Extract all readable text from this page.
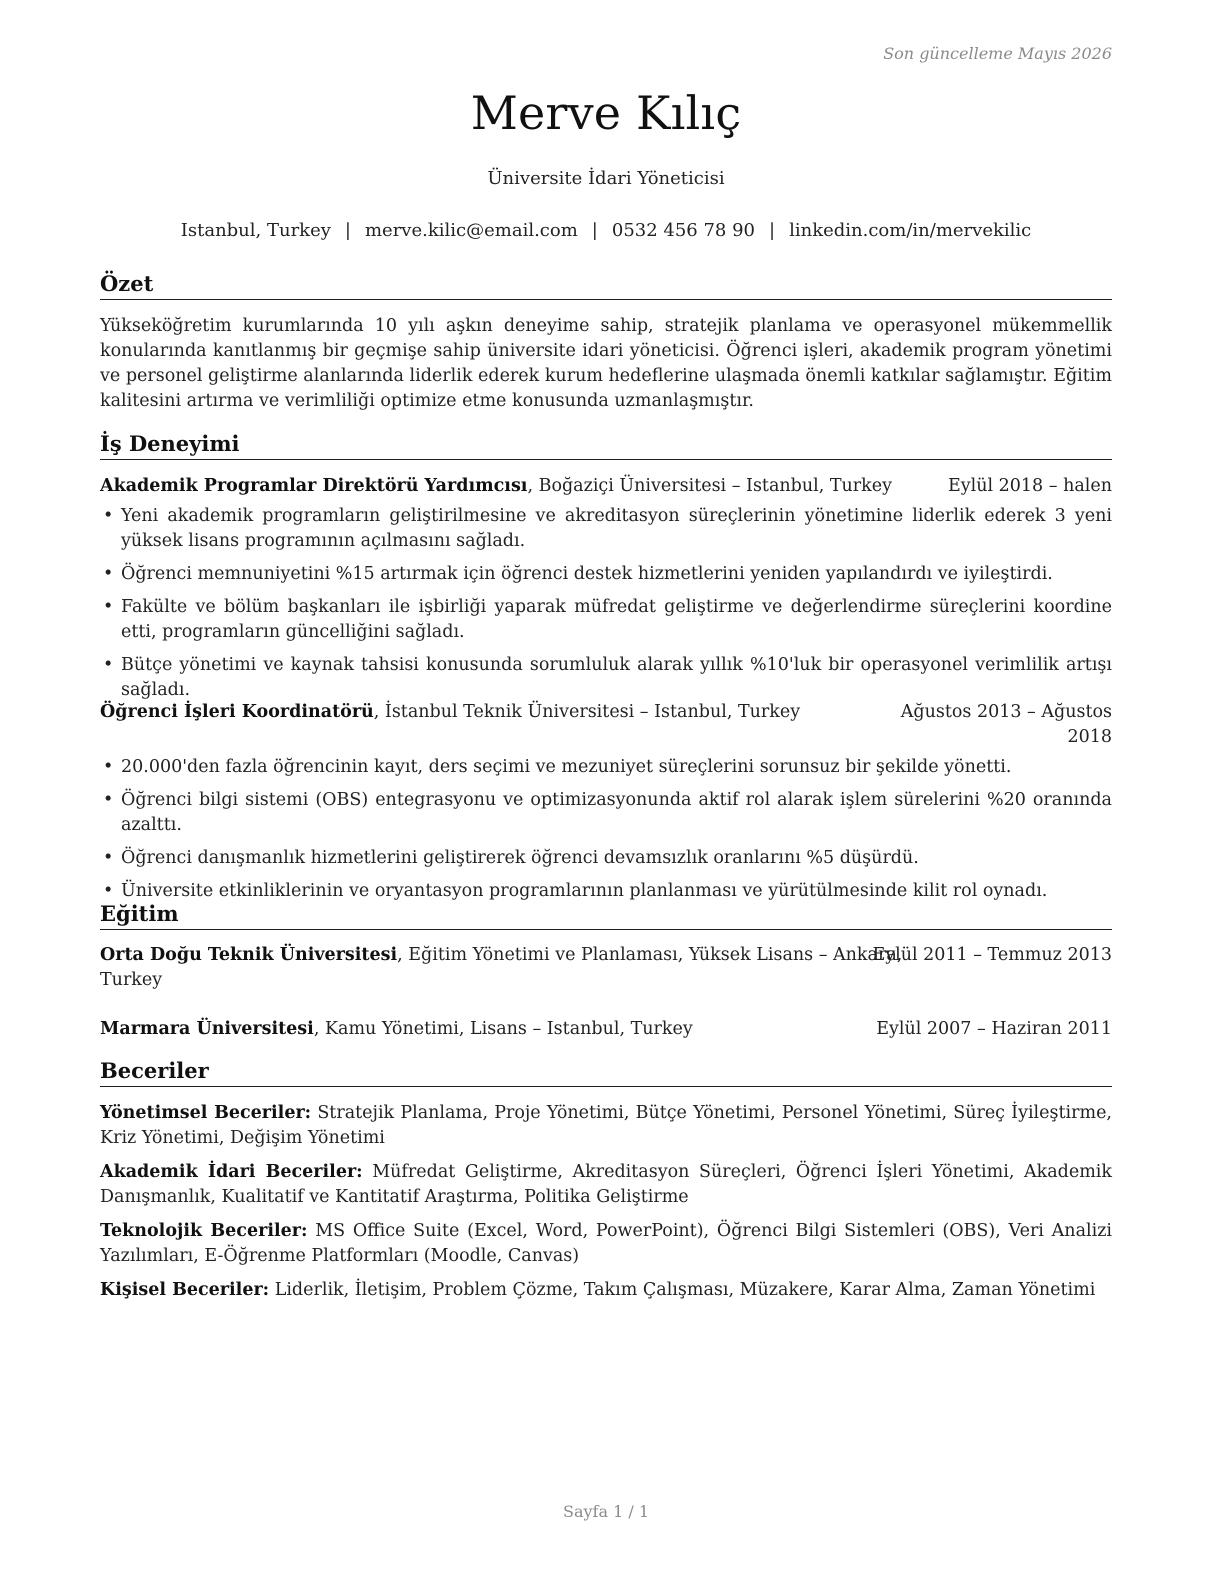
Son güncelleme Mayıs 2026
Merve Kılıç
Üniversite İdari Yöneticisi
Istanbul, Turkey | merve.kilic@email.com | 0532 456 78 90 | linkedin.com/in/mervekilic
Özet
Yükseköğretim kurumlarında 10 yılı aşkın deneyime sahip, stratejik planlama ve operasyonel mükemmellik konularında kanıtlanmış bir geçmişe sahip üniversite idari yöneticisi. Öğrenci işleri, akademik program yönetimi ve personel geliştirme alanlarında liderlik ederek kurum hedeflerine ulaşmada önemli katkılar sağlamıştır. Eğitim kalitesini artırma ve verimliliği optimize etme konusunda uzmanlaşmıştır.
İş Deneyimi
Akademik Programlar Direktörü Yardımcısı, Boğaziçi Üniversitesi – Istanbul, Turkey	Eylül 2018 – halen
• Yeni akademik programların geliştirilmesine ve akreditasyon süreçlerinin yönetimine liderlik ederek 3 yeni yüksek lisans programının açılmasını sağladı.
• Öğrenci memnuniyetini %15 artırmak için öğrenci destek hizmetlerini yeniden yapılandırdı ve iyileştirdi.
• Fakülte ve bölüm başkanları ile işbirliği yaparak müfredat geliştirme ve değerlendirme süreçlerini koordine etti, programların güncelliğini sağladı.
• Bütçe yönetimi ve kaynak tahsisi konusunda sorumluluk alarak yıllık %10'luk bir operasyonel verimlilik artışı sağladı.
Öğrenci İşleri Koordinatörü, İstanbul Teknik Üniversitesi – Istanbul, Turkey	Ağustos 2013 – Ağustos
2018
• 20.000'den fazla öğrencinin kayıt, ders seçimi ve mezuniyet süreçlerini sorunsuz bir şekilde yönetti.
• Öğrenci bilgi sistemi (OBS) entegrasyonu ve optimizasyonunda aktif rol alarak işlem sürelerini %20 oranında azalttı.
• Öğrenci danışmanlık hizmetlerini geliştirerek öğrenci devamsızlık oranlarını %5 düşürdü.
• Üniversite etkinliklerinin ve oryantasyon programlarının planlanması ve yürütülmesinde kilit rol oynadı.
Eğitim
Orta Doğu Teknik Üniversitesi, Eğitim Yönetimi ve Planlaması, Yüksek Lisans – Ankara,
Turkey
Eylül 2011 – Temmuz 2013
Marmara Üniversitesi, Kamu Yönetimi, Lisans – Istanbul, Turkey	Eylül 2007 – Haziran 2011
Beceriler
Yönetimsel Beceriler: Stratejik Planlama, Proje Yönetimi, Bütçe Yönetimi, Personel Yönetimi, Süreç İyileştirme, Kriz Yönetimi, Değişim Yönetimi
Akademik İdari Beceriler: Müfredat Geliştirme, Akreditasyon Süreçleri, Öğrenci İşleri Yönetimi, Akademik Danışmanlık, Kualitatif ve Kantitatif Araştırma, Politika Geliştirme
Teknolojik Beceriler: MS Office Suite (Excel, Word, PowerPoint), Öğrenci Bilgi Sistemleri (OBS), Veri Analizi Yazılımları, E-Öğrenme Platformları (Moodle, Canvas)
Kişisel Beceriler: Liderlik, İletişim, Problem Çözme, Takım Çalışması, Müzakere, Karar Alma, Zaman Yönetimi
Sayfa 1 / 1
